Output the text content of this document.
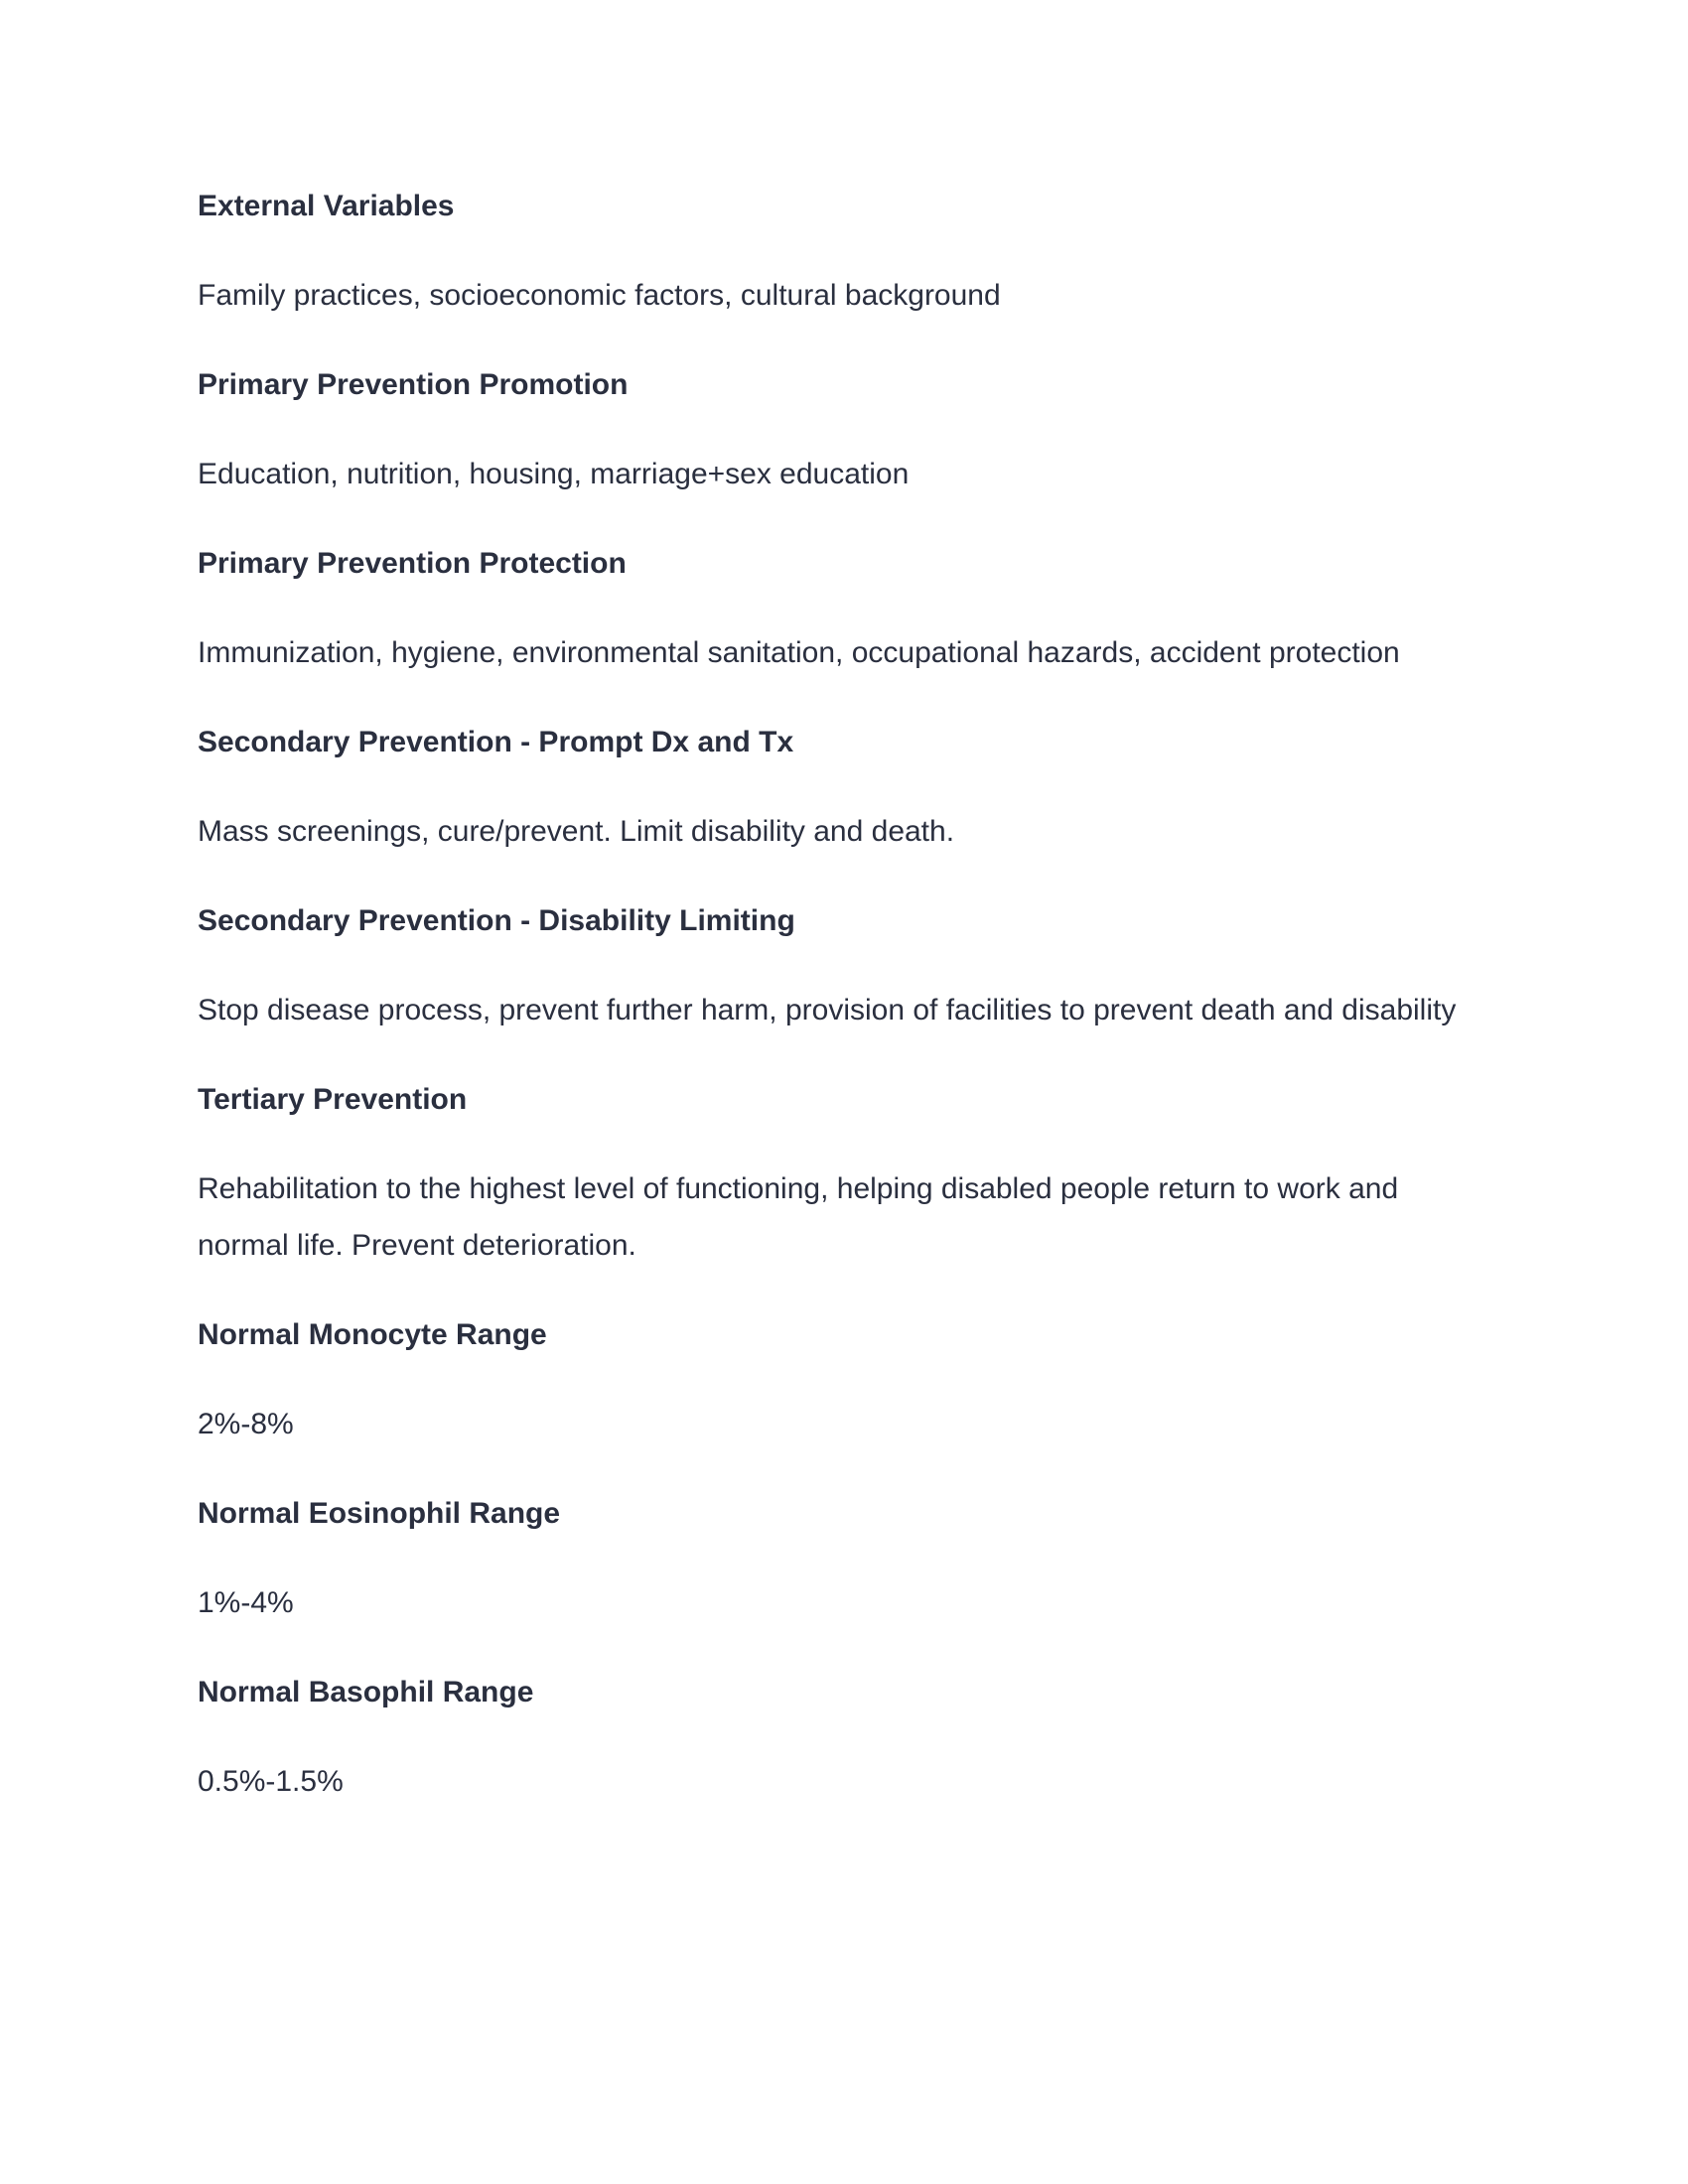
External Variables
Family practices, socioeconomic factors, cultural background
Primary Prevention Promotion
Education, nutrition, housing, marriage+sex education
Primary Prevention Protection
Immunization, hygiene, environmental sanitation, occupational hazards, accident protection
Secondary Prevention - Prompt Dx and Tx
Mass screenings, cure/prevent. Limit disability and death.
Secondary Prevention - Disability Limiting
Stop disease process, prevent further harm, provision of facilities to prevent death and disability
Tertiary Prevention
Rehabilitation to the highest level of functioning, helping disabled people return to work and normal life. Prevent deterioration.
Normal Monocyte Range
2%-8%
Normal Eosinophil Range
1%-4%
Normal Basophil Range
0.5%-1.5%
